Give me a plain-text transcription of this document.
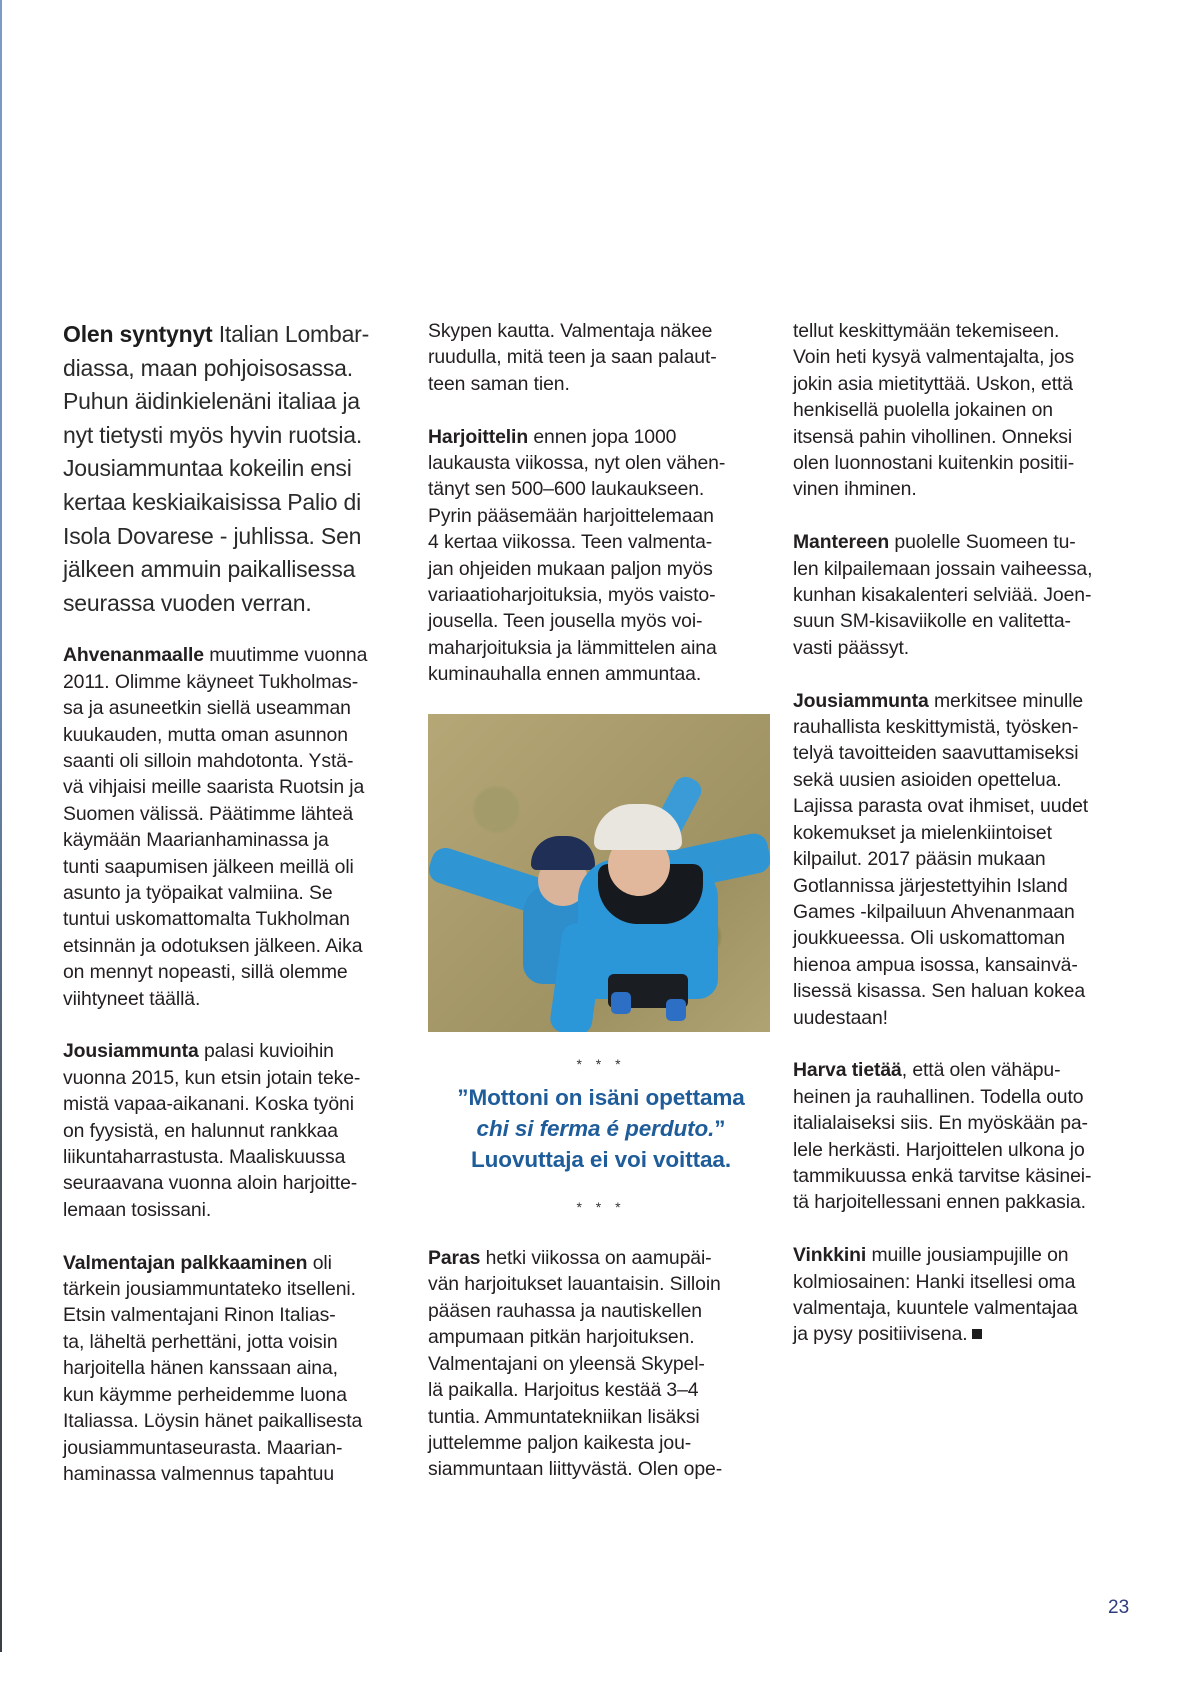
Olen syntynyt Italian Lombar-
diassa, maan pohjoisosassa.
Puhun äidinkielenäni italiaa ja
nyt tietysti myös hyvin ruotsia.
Jousiammuntaa kokeilin ensi
kertaa keskiaikaisissa Palio di
Isola Dovarese - juhlissa. Sen
jälkeen ammuin paikallisessa
seurassa vuoden verran.

Ahvenanmaalle muutimme vuonna
2011. Olimme käyneet Tukholmas-
sa ja asuneetkin siellä useamman
kuukauden, mutta oman asunnon
saanti oli silloin mahdotonta. Ystä-
vä vihjaisi meille saarista Ruotsin ja
Suomen välissä. Päätimme lähteä
käymään Maarianhaminassa ja
tunti saapumisen jälkeen meillä oli
asunto ja työpaikat valmiina. Se
tuntui uskomattomalta Tukholman
etsinnän ja odotuksen jälkeen. Aika
on mennyt nopeasti, sillä olemme
viihtyneet täällä.

Jousiammunta palasi kuvioihin
vuonna 2015, kun etsin jotain teke-
mistä vapaa-aikanani. Koska työni
on fyysistä, en halunnut rankkaa
liikuntaharrastusta. Maaliskuussa
seuraavana vuonna aloin harjoitte-
lemaan tosissani.

Valmentajan palkkaaminen oli
tärkein jousiammuntateko itselleni.
Etsin valmentajani Rinon Italias-
ta, läheltä perhettäni, jotta voisin
harjoitella hänen kanssaan aina,
kun käymme perheidemme luona
Italiassa. Löysin hänet paikallisesta
jousiammuntaseurasta. Maarian-
haminassa valmennus tapahtuu

Skypen kautta. Valmentaja näkee
ruudulla, mitä teen ja saan palaut-
teen saman tien.

Harjoittelin ennen jopa 1000
laukausta viikossa, nyt olen vähen-
tänyt sen 500–600 laukaukseen.
Pyrin pääsemään harjoittelemaan
4 kertaa viikossa. Teen valmenta-
jan ohjeiden mukaan paljon myös
variaatioharjoituksia, myös vaisto-
jousella. Teen jousella myös voi-
maharjoituksia ja lämmittelen aina
kuminauhalla ennen ammuntaa.

* * *
”Mottoni on isäni opettama
chi si ferma é perduto.”
Luovuttaja ei voi voittaa.
* * *

Paras hetki viikossa on aamupäi-
vän harjoitukset lauantaisin. Silloin
pääsen rauhassa ja nautiskellen
ampumaan pitkän harjoituksen.
Valmentajani on yleensä Skypel-
lä paikalla. Harjoitus kestää 3–4
tuntia. Ammuntatekniikan lisäksi
juttelemme paljon kaikesta jou-
siammuntaan liittyvästä. Olen ope-

tellut keskittymään tekemiseen.
Voin heti kysyä valmentajalta, jos
jokin asia mietityttää. Uskon, että
henkisellä puolella jokainen on
itsensä pahin vihollinen. Onneksi
olen luonnostani kuitenkin positii-
vinen ihminen.

Mantereen puolelle Suomeen tu-
len kilpailemaan jossain vaiheessa,
kunhan kisakalenteri selviää. Joen-
suun SM-kisaviikolle en valitetta-
vasti päässyt.

Jousiammunta merkitsee minulle
rauhallista keskittymistä, työsken-
telyä tavoitteiden saavuttamiseksi
sekä uusien asioiden opettelua.
Lajissa parasta ovat ihmiset, uudet
kokemukset ja mielenkiintoiset
kilpailut. 2017 pääsin mukaan
Gotlannissa järjestettyihin Island
Games -kilpailuun Ahvenanmaan
joukkueessa. Oli uskomattoman
hienoa ampua isossa, kansainvä-
lisessä kisassa. Sen haluan kokea
uudestaan!

Harva tietää, että olen vähäpu-
heinen ja rauhallinen. Todella outo
italialaiseksi siis. En myöskään pa-
lele herkästi. Harjoittelen ulkona jo
tammikuussa enkä tarvitse käsinei-
tä harjoitellessani ennen pakkasia.

Vinkkini muille jousiampujille on
kolmiosainen: Hanki itsellesi oma
valmentaja, kuuntele valmentajaa
ja pysy positiivisena.

23
